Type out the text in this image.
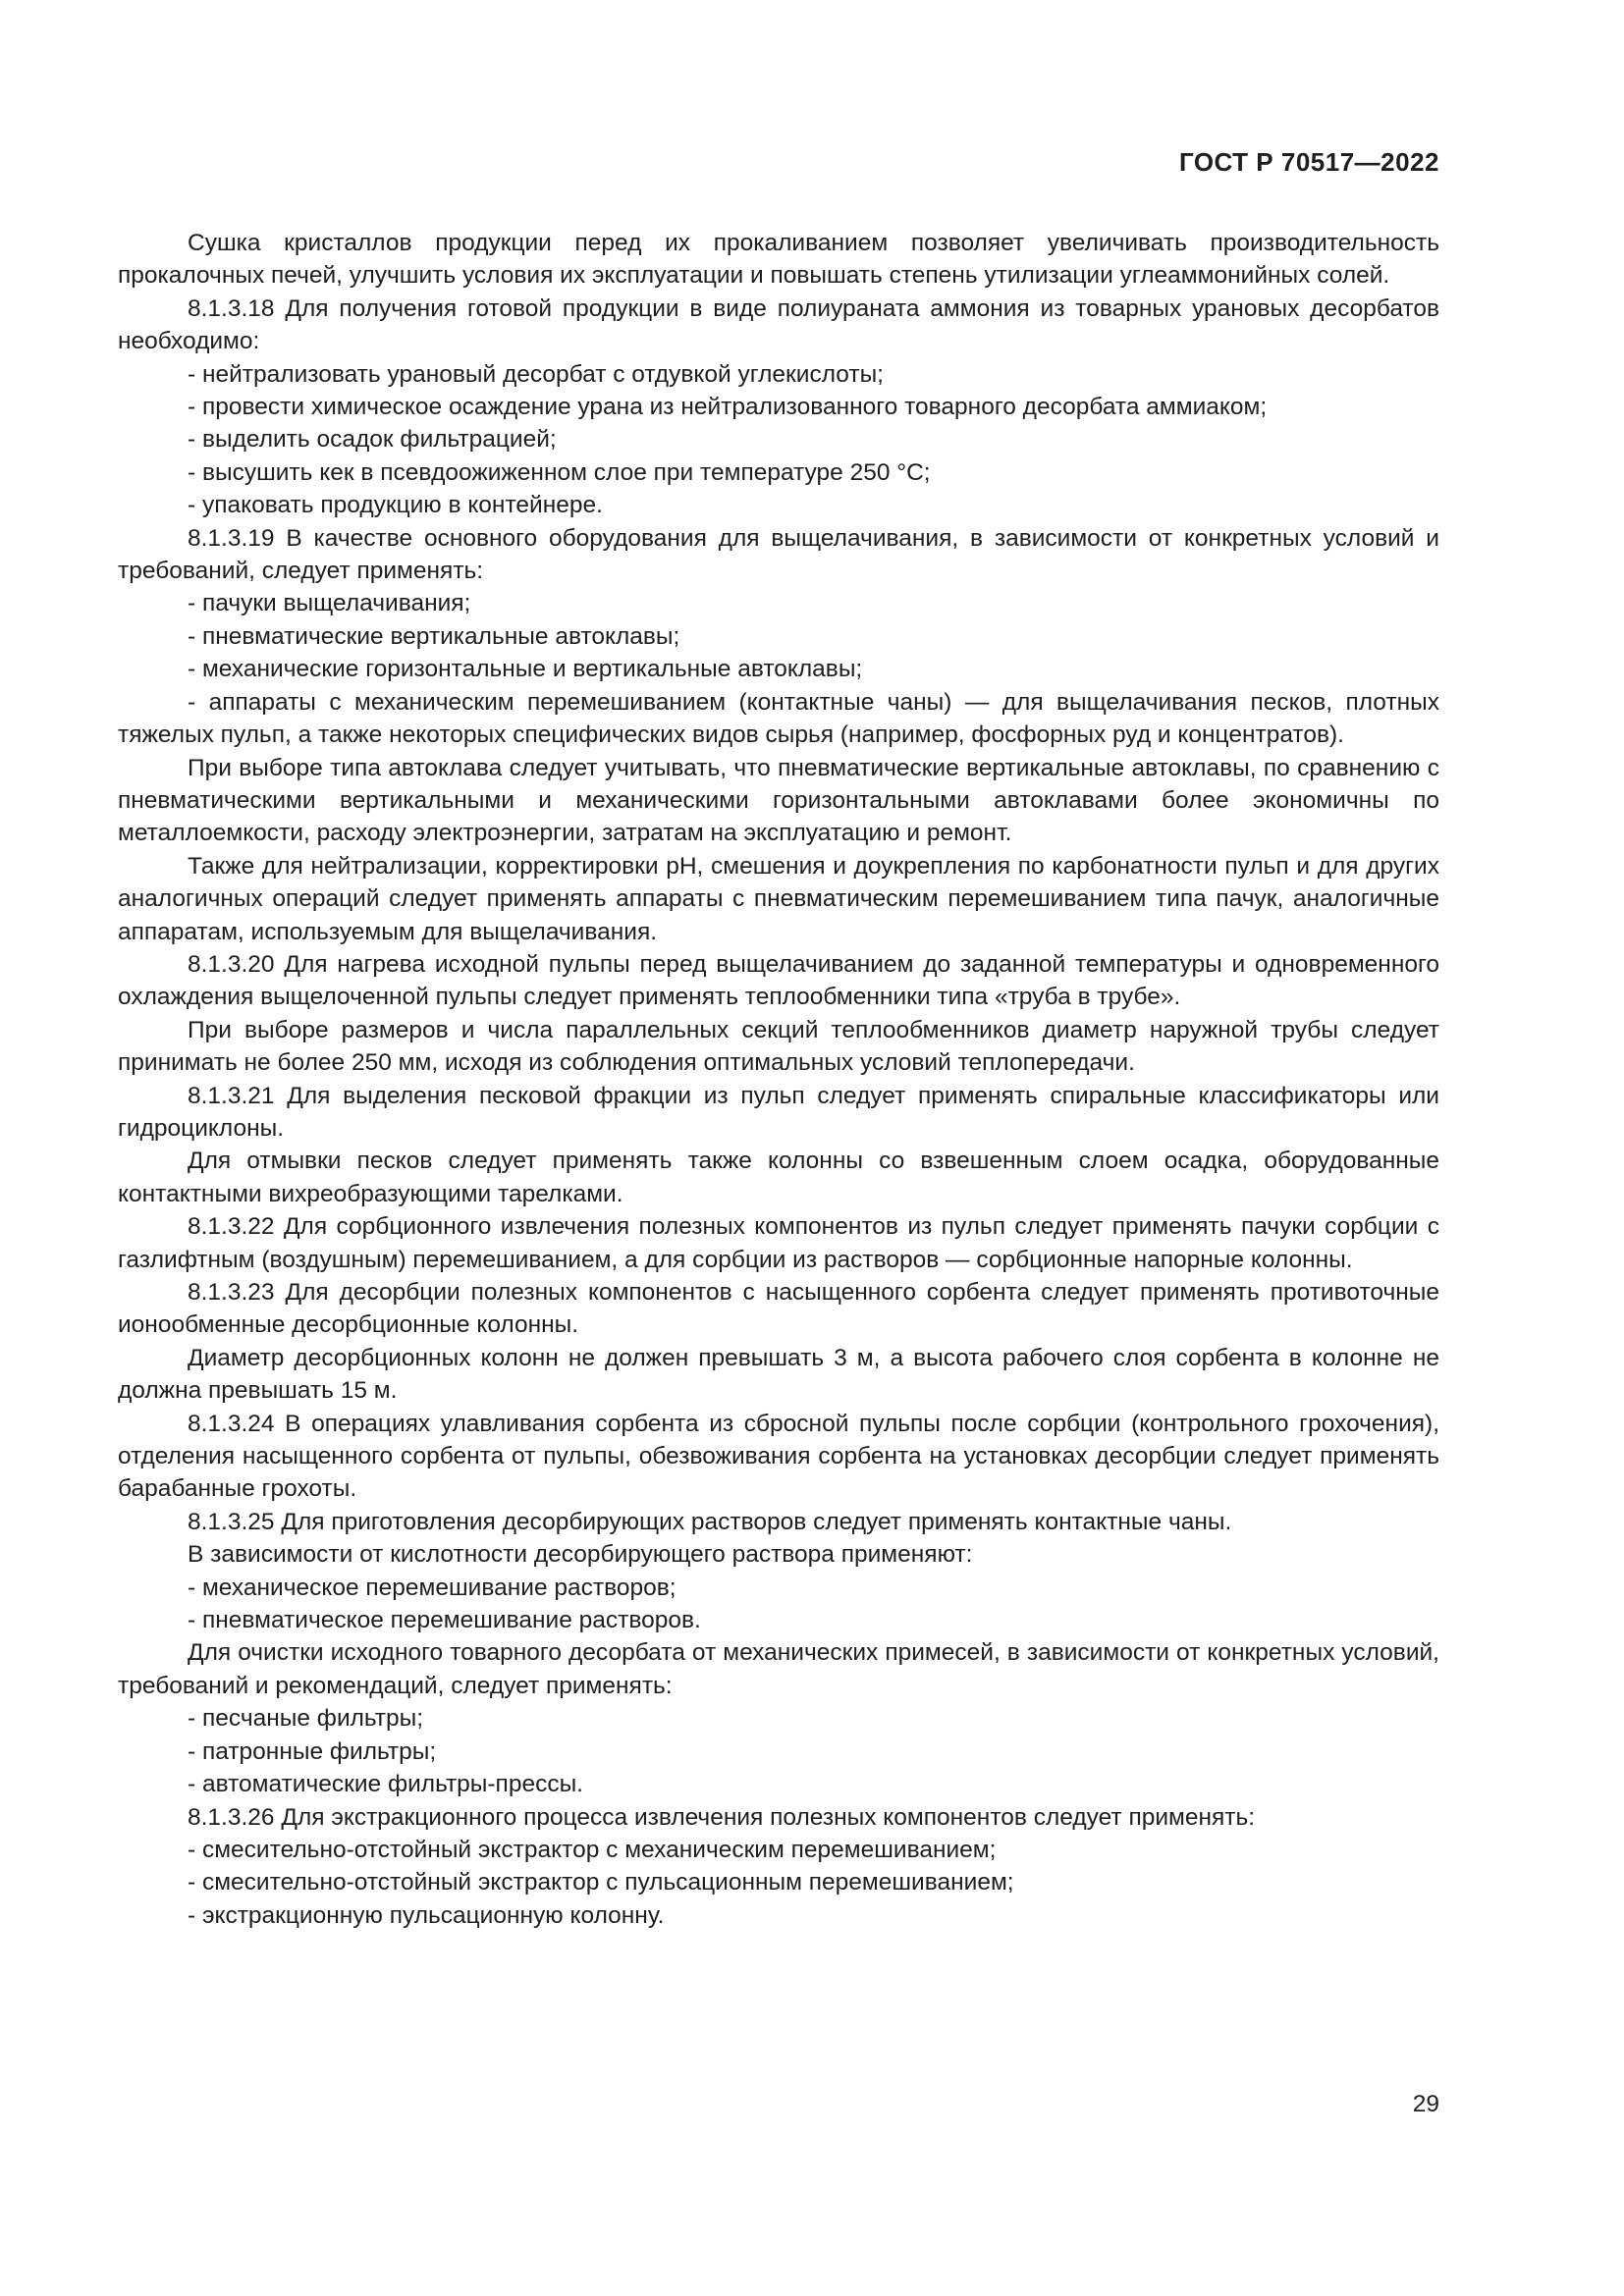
ГОСТ Р 70517—2022

Сушка кристаллов продукции перед их прокаливанием позволяет увеличивать производительность прокалочных печей, улучшить условия их эксплуатации и повышать степень утилизации углеаммонийных солей.

8.1.3.18 Для получения готовой продукции в виде полиураната аммония из товарных урановых десорбатов необходимо:

- нейтрализовать урановый десорбат с отдувкой углекислоты;

- провести химическое осаждение урана из нейтрализованного товарного десорбата аммиаком;

- выделить осадок фильтрацией;

- высушить кек в псевдоожиженном слое при температуре 250 °С;

- упаковать продукцию в контейнере.

8.1.3.19 В качестве основного оборудования для выщелачивания, в зависимости от конкретных условий и требований, следует применять:

- пачуки выщелачивания;

- пневматические вертикальные автоклавы;

- механические горизонтальные и вертикальные автоклавы;

- аппараты с механическим перемешиванием (контактные чаны) — для выщелачивания песков, плотных тяжелых пульп, а также некоторых специфических видов сырья (например, фосфорных руд и концентратов).

При выборе типа автоклава следует учитывать, что пневматические вертикальные автоклавы, по сравнению с пневматическими вертикальными и механическими горизонтальными автоклавами более экономичны по металлоемкости, расходу электроэнергии, затратам на эксплуатацию и ремонт.

Также для нейтрализации, корректировки рН, смешения и доукрепления по карбонатности пульп и для других аналогичных операций следует применять аппараты с пневматическим перемешиванием типа пачук, аналогичные аппаратам, используемым для выщелачивания.

8.1.3.20 Для нагрева исходной пульпы перед выщелачиванием до заданной температуры и одновременного охлаждения выщелоченной пульпы следует применять теплообменники типа «труба в трубе».

При выборе размеров и числа параллельных секций теплообменников диаметр наружной трубы следует принимать не более 250 мм, исходя из соблюдения оптимальных условий теплопередачи.

8.1.3.21 Для выделения песковой фракции из пульп следует применять спиральные классификаторы или гидроциклоны.

Для отмывки песков следует применять также колонны со взвешенным слоем осадка, оборудованные контактными вихреобразующими тарелками.

8.1.3.22 Для сорбционного извлечения полезных компонентов из пульп следует применять пачуки сорбции с газлифтным (воздушным) перемешиванием, а для сорбции из растворов — сорбционные напорные колонны.

8.1.3.23 Для десорбции полезных компонентов с насыщенного сорбента следует применять противоточные ионообменные десорбционные колонны.

Диаметр десорбционных колонн не должен превышать 3 м, а высота рабочего слоя сорбента в колонне не должна превышать 15 м.

8.1.3.24 В операциях улавливания сорбента из сбросной пульпы после сорбции (контрольного грохочения), отделения насыщенного сорбента от пульпы, обезвоживания сорбента на установках десорбции следует применять барабанные грохоты.

8.1.3.25 Для приготовления десорбирующих растворов следует применять контактные чаны.

В зависимости от кислотности десорбирующего раствора применяют:

- механическое перемешивание растворов;

- пневматическое перемешивание растворов.

Для очистки исходного товарного десорбата от механических примесей, в зависимости от конкретных условий, требований и рекомендаций, следует применять:

- песчаные фильтры;

- патронные фильтры;

- автоматические фильтры-прессы.

8.1.3.26 Для экстракционного процесса извлечения полезных компонентов следует применять:

- смесительно-отстойный экстрактор с механическим перемешиванием;

- смесительно-отстойный экстрактор с пульсационным перемешиванием;

- экстракционную пульсационную колонну.

29
